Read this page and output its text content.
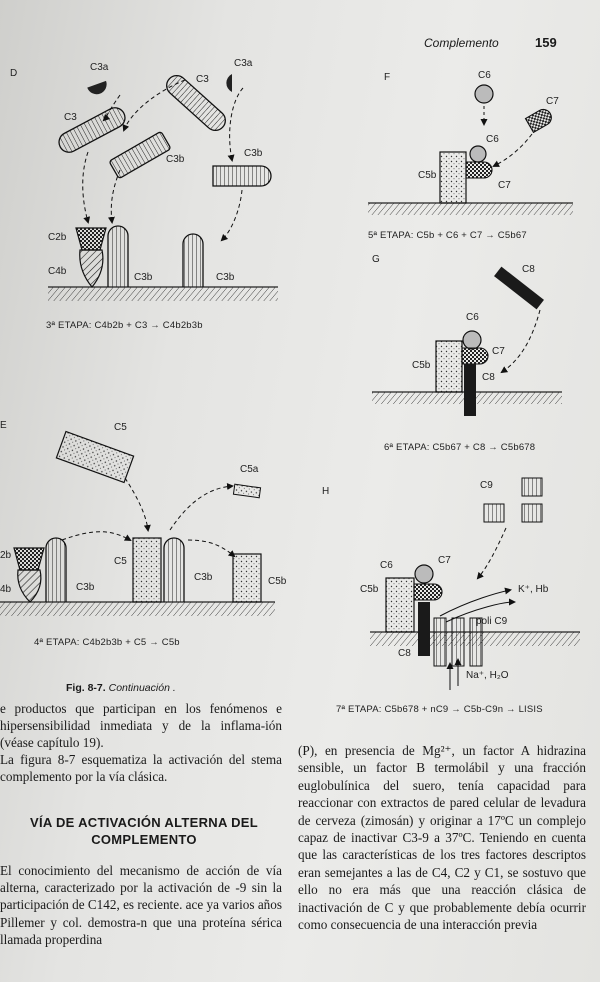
Complemento	159
D
C3a	C3a
C3
C3
C3b
C3b
C2b
C4b
C3b	C3b
3ª ETAPA: C4b2b + C3 → C4b2b3b
E	C5
C5a
C5
2b
4b	C3b
C3b	C5b
4ª ETAPA: C4b2b3b + C5 → C5b
F	C6
C7
C6
C5b
C7
5ª ETAPA: C5b + C6 + C7 → C5b67
G
C8
C6
C7
C5b
C8
6ª ETAPA: C5b67 + C8 → C5b678
H
C9
C6	C7
C5b	K⁺, Hb
poli C9
C8
Na⁺, H₂O
7ª ETAPA: C5b678 + nC9 → C5b-C9n → LISIS
Fig. 8-7. Continuación .

e productos que participan en los fenómenos e hipersensibilidad inmediata y de la inflama-ión (véase capítulo 19).

La figura 8-7 esquematiza la activación del stema complemento por la vía clásica.

VÍA DE ACTIVACIÓN ALTERNA DEL COMPLEMENTO

El conocimiento del mecanismo de acción de vía alterna, caracterizado por la activación de -9 sin la participación de C142, es reciente. ace ya varios años Pillemer y col. demostra-n que una proteína sérica llamada properdina

(P), en presencia de Mg²⁺, un factor A hidrazina sensible, un factor B termolábil y una fracción euglobulínica del suero, tenía capacidad para reaccionar con extractos de pared celular de levadura de cerveza (zimosán) y originar a 17ºC un complejo capaz de inactivar C3-9 a 37ºC. Teniendo en cuenta que las características de los tres factores descriptos eran semejantes a las de C4, C2 y C1, se sostuvo que ello no era más que una reacción clásica de inactivación de C y que probablemente debía ocurrir como consecuencia de una interacción previa
